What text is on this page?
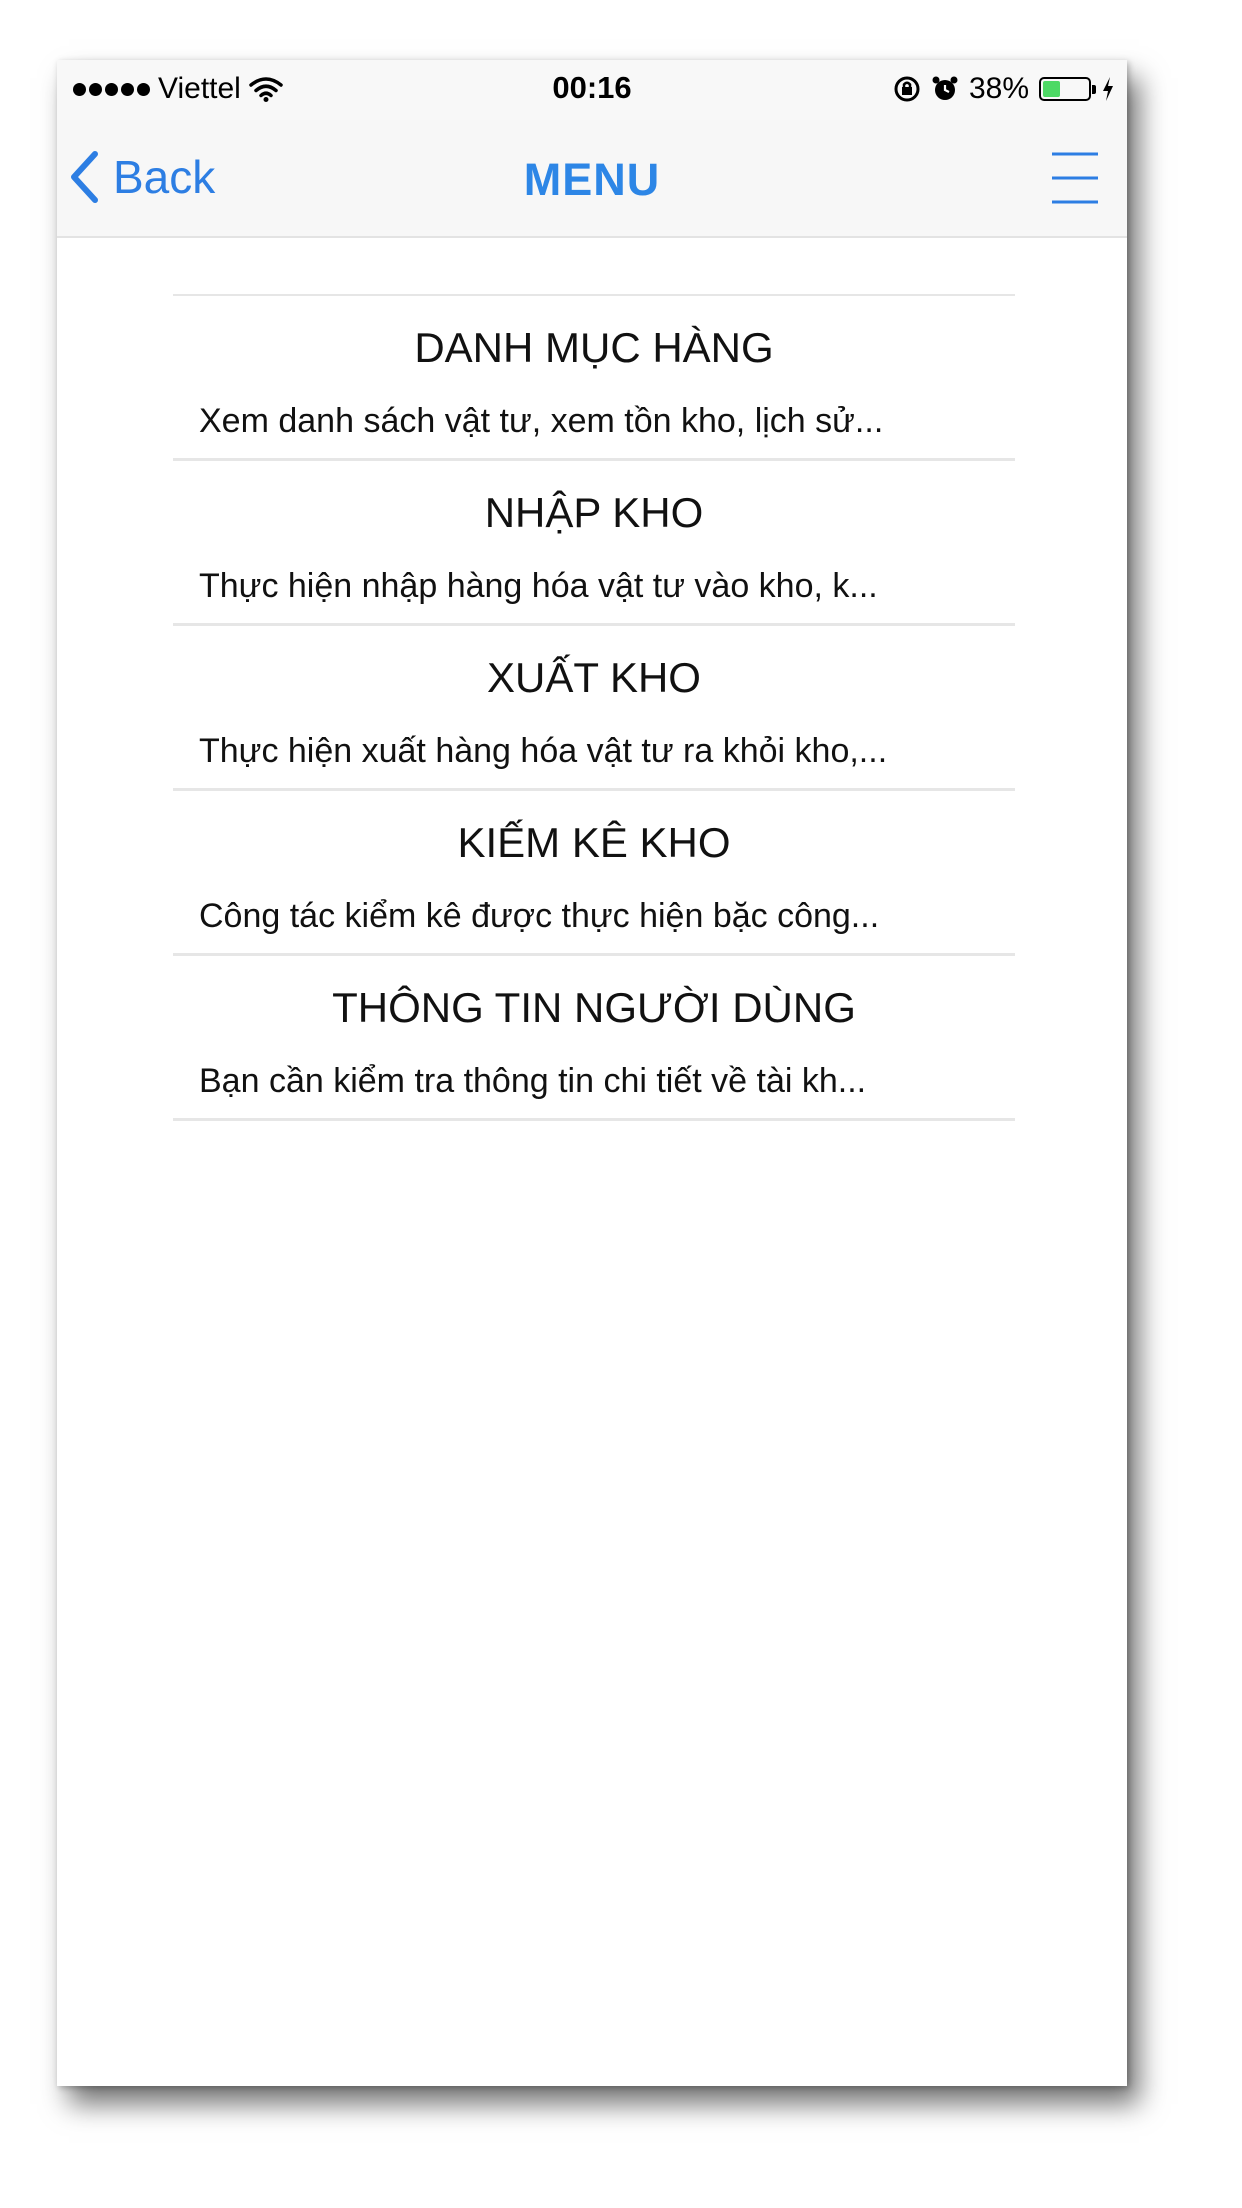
Viettel	00:16	38%
Back	MENU
DANH MỤC HÀNG
Xem danh sách vật tư, xem tồn kho, lịch sử...
NHẬP KHO
Thực hiện nhập hàng hóa vật tư vào kho, k...
XUẤT KHO
Thực hiện xuất hàng hóa vật tư ra khỏi kho,...
KIẾM KÊ KHO
Công tác kiểm kê được thực hiện bặc công...
THÔNG TIN NGƯỜI DÙNG
Bạn cần kiểm tra thông tin chi tiết về tài kh...
